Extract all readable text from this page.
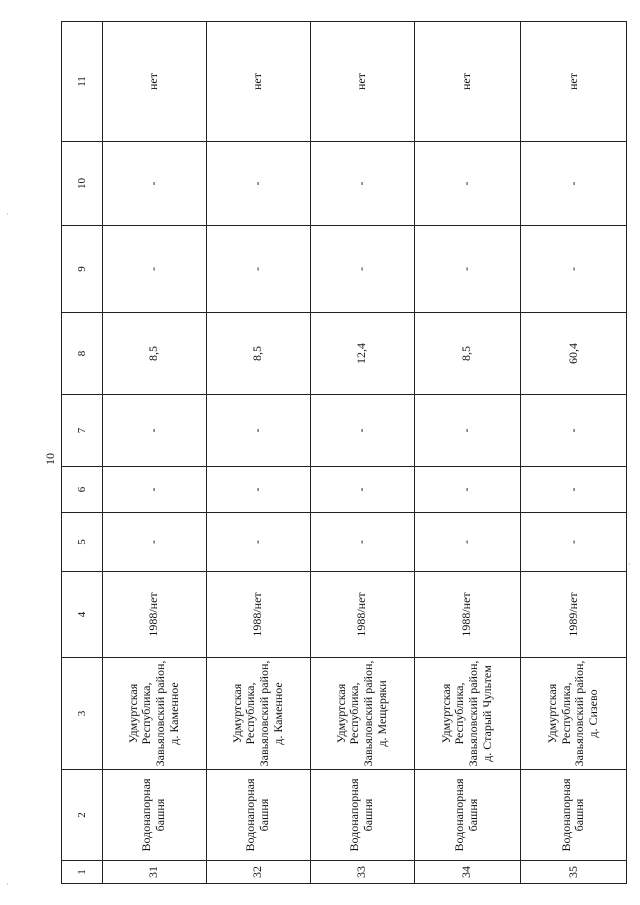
10
1	2	3	4	5	6	7	8	9	10	11
31	Водонапорная башня	Удмуртская Республика, Завьяловский район, д. Каменное	1988/нет	-	-	-	8,5	-	-	нет
32	Водонапорная башня	Удмуртская Республика, Завьяловский район, д. Каменное	1988/нет	-	-	-	8,5	-	-	нет
33	Водонапорная башня	Удмуртская Республика, Завьяловский район, д. Мещеряки	1988/нет	-	-	-	12,4	-	-	нет
34	Водонапорная башня	Удмуртская Республика, Завьяловский район, д. Старый Чультем	1988/нет	-	-	-	8,5	-	-	нет
35	Водонапорная башня	Удмуртская Республика, Завьяловский район, д. Сизево	1989/нет	-	-	-	60,4	-	-	нет
·
·
·
